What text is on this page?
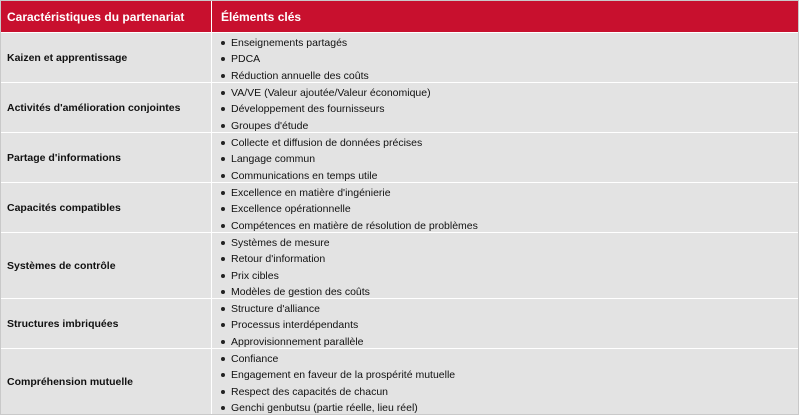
Caractéristiques du partenariat	Éléments clés
Kaizen et apprentissage
Enseignements partagés
PDCA
Réduction annuelle des coûts
Activités d'amélioration conjointes
VA/VE (Valeur ajoutée/Valeur économique)
Développement des fournisseurs
Groupes d'étude
Partage d'informations
Collecte et diffusion de données précises
Langage commun
Communications en temps utile
Capacités compatibles
Excellence en matière d'ingénierie
Excellence opérationnelle
Compétences en matière de résolution de problèmes
Systèmes de contrôle
Systèmes de mesure
Retour d'information
Prix cibles
Modèles de gestion des coûts
Structures imbriquées
Structure d'alliance
Processus interdépendants
Approvisionnement parallèle
Compréhension mutuelle
Confiance
Engagement en faveur de la prospérité mutuelle
Respect des capacités de chacun
Genchi genbutsu (partie réelle, lieu réel)
